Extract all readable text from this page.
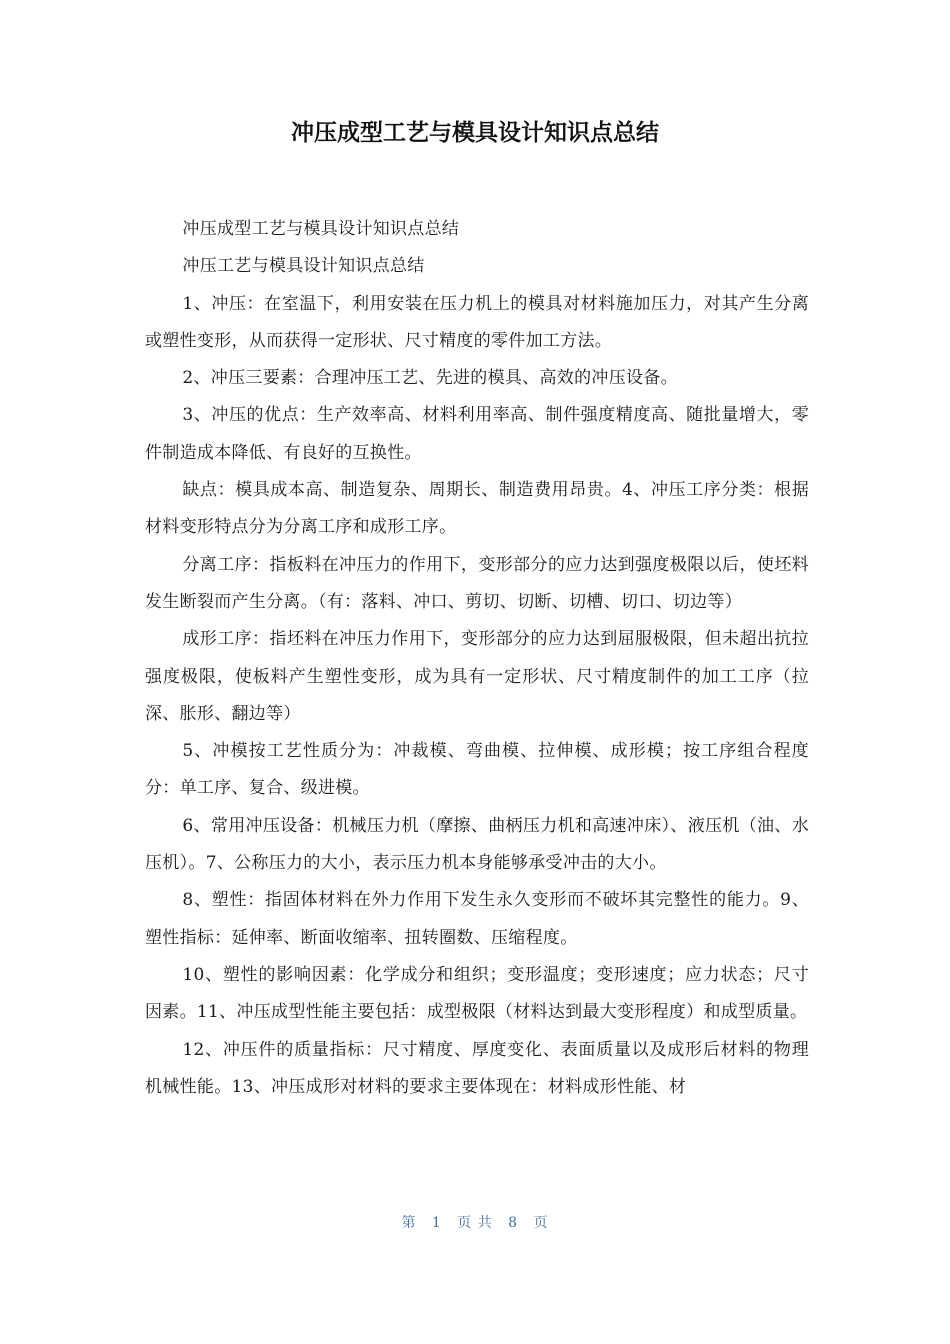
冲压成型工艺与模具设计知识点总结

冲压成型工艺与模具设计知识点总结

冲压工艺与模具设计知识点总结

1、冲压：在室温下，利用安装在压力机上的模具对材料施加压力，对其产生分离或塑性变形，从而获得一定形状、尺寸精度的零件加工方法。

2、冲压三要素：合理冲压工艺、先进的模具、高效的冲压设备。

3、冲压的优点：生产效率高、材料利用率高、制件强度精度高、随批量增大，零件制造成本降低、有良好的互换性。

缺点：模具成本高、制造复杂、周期长、制造费用昂贵。4、冲压工序分类：根据材料变形特点分为分离工序和成形工序。

分离工序：指板料在冲压力的作用下，变形部分的应力达到强度极限以后，使坯料发生断裂而产生分离。（有：落料、冲口、剪切、切断、切槽、切口、切边等）

成形工序：指坯料在冲压力作用下，变形部分的应力达到屈服极限，但未超出抗拉强度极限，使板料产生塑性变形，成为具有一定形状、尺寸精度制件的加工工序（拉深、胀形、翻边等）

5、冲模按工艺性质分为：冲裁模、弯曲模、拉伸模、成形模；按工序组合程度分：单工序、复合、级进模。

6、常用冲压设备：机械压力机（摩擦、曲柄压力机和高速冲床）、液压机（油、水压机）。7、公称压力的大小，表示压力机本身能够承受冲击的大小。

8、塑性：指固体材料在外力作用下发生永久变形而不破坏其完整性的能力。9、塑性指标：延伸率、断面收缩率、扭转圈数、压缩程度。

10、塑性的影响因素：化学成分和组织；变形温度；变形速度；应力状态；尺寸因素。11、冲压成型性能主要包括：成型极限（材料达到最大变形程度）和成型质量。

12、冲压件的质量指标：尺寸精度、厚度变化、表面质量以及成形后材料的物理机械性能。13、冲压成形对材料的要求主要体现在：材料成形性能、材

第 1 页 共 8 页
